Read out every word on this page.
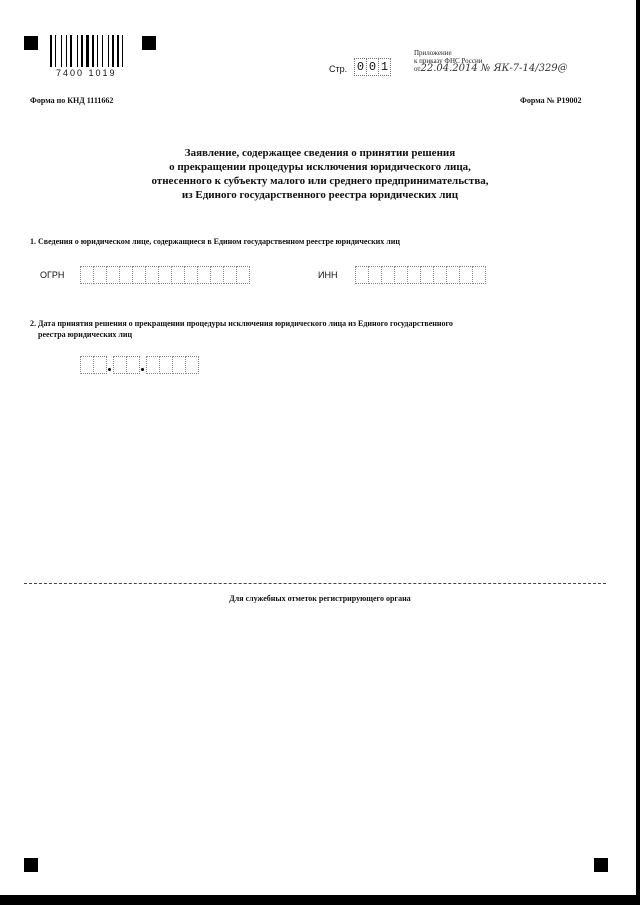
7400 1019	Стр. 0 0 1
Приложение
к приказу ФНС России
от22.04.2014 № ЯК-7-14/329@
Форма по КНД 1111662	Форма № Р19002
Заявление, содержащее сведения о принятии решения
о прекращении процедуры исключения юридического лица,
отнесенного к субъекту малого или среднего предпринимательства,
из Единого государственного реестра юридических лиц
1. Сведения о юридическом лице, содержащиеся в Едином государственном реестре юридических лиц
ОГРН	ИНН
2. Дата принятия решения о прекращении процедуры исключения юридического лица из Единого государственного
реестра юридических лиц
Для служебных отметок регистрирующего органа
